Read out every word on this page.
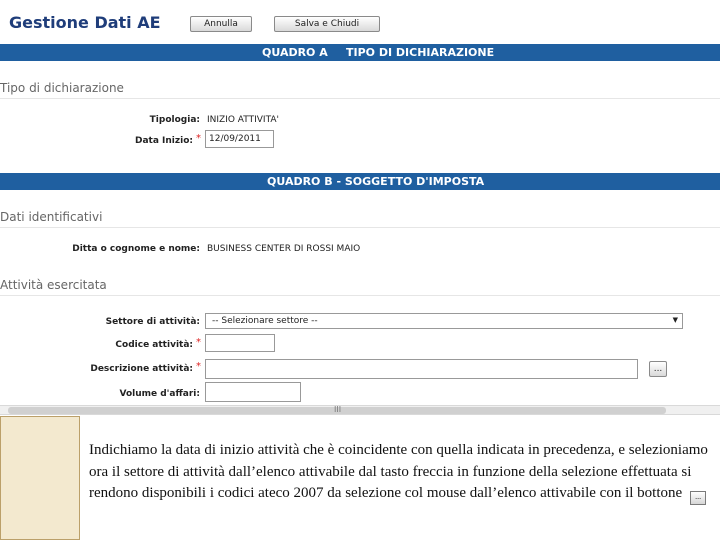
Gestione Dati AE	Annulla	Salva e Chiudi
QUADRO A TIPO DI DICHIARAZIONE
Tipo di dichiarazione
Tipologia: INIZIO ATTIVITA'
Data Inizio: *
12/09/2011
QUADRO B - SOGGETTO D'IMPOSTA
Dati identificativi
Ditta o cognome e nome: BUSINESS CENTER DI ROSSI MAIO
Attività esercitata
Settore di attività:	-- Selezionare settore --	▼
Codice attività: *
Descrizione attività: *	...
Volume d'affari:
III
Indichiamo la data di inizio attività che è coincidente con quella indicata in precedenza, e selezioniamo ora il settore di attività dall’elenco attivabile dal tasto freccia in funzione della selezione effettuata si rendono disponibili i codici ateco 2007 da selezione col mouse dall’elenco attivabile con il bottone ...
